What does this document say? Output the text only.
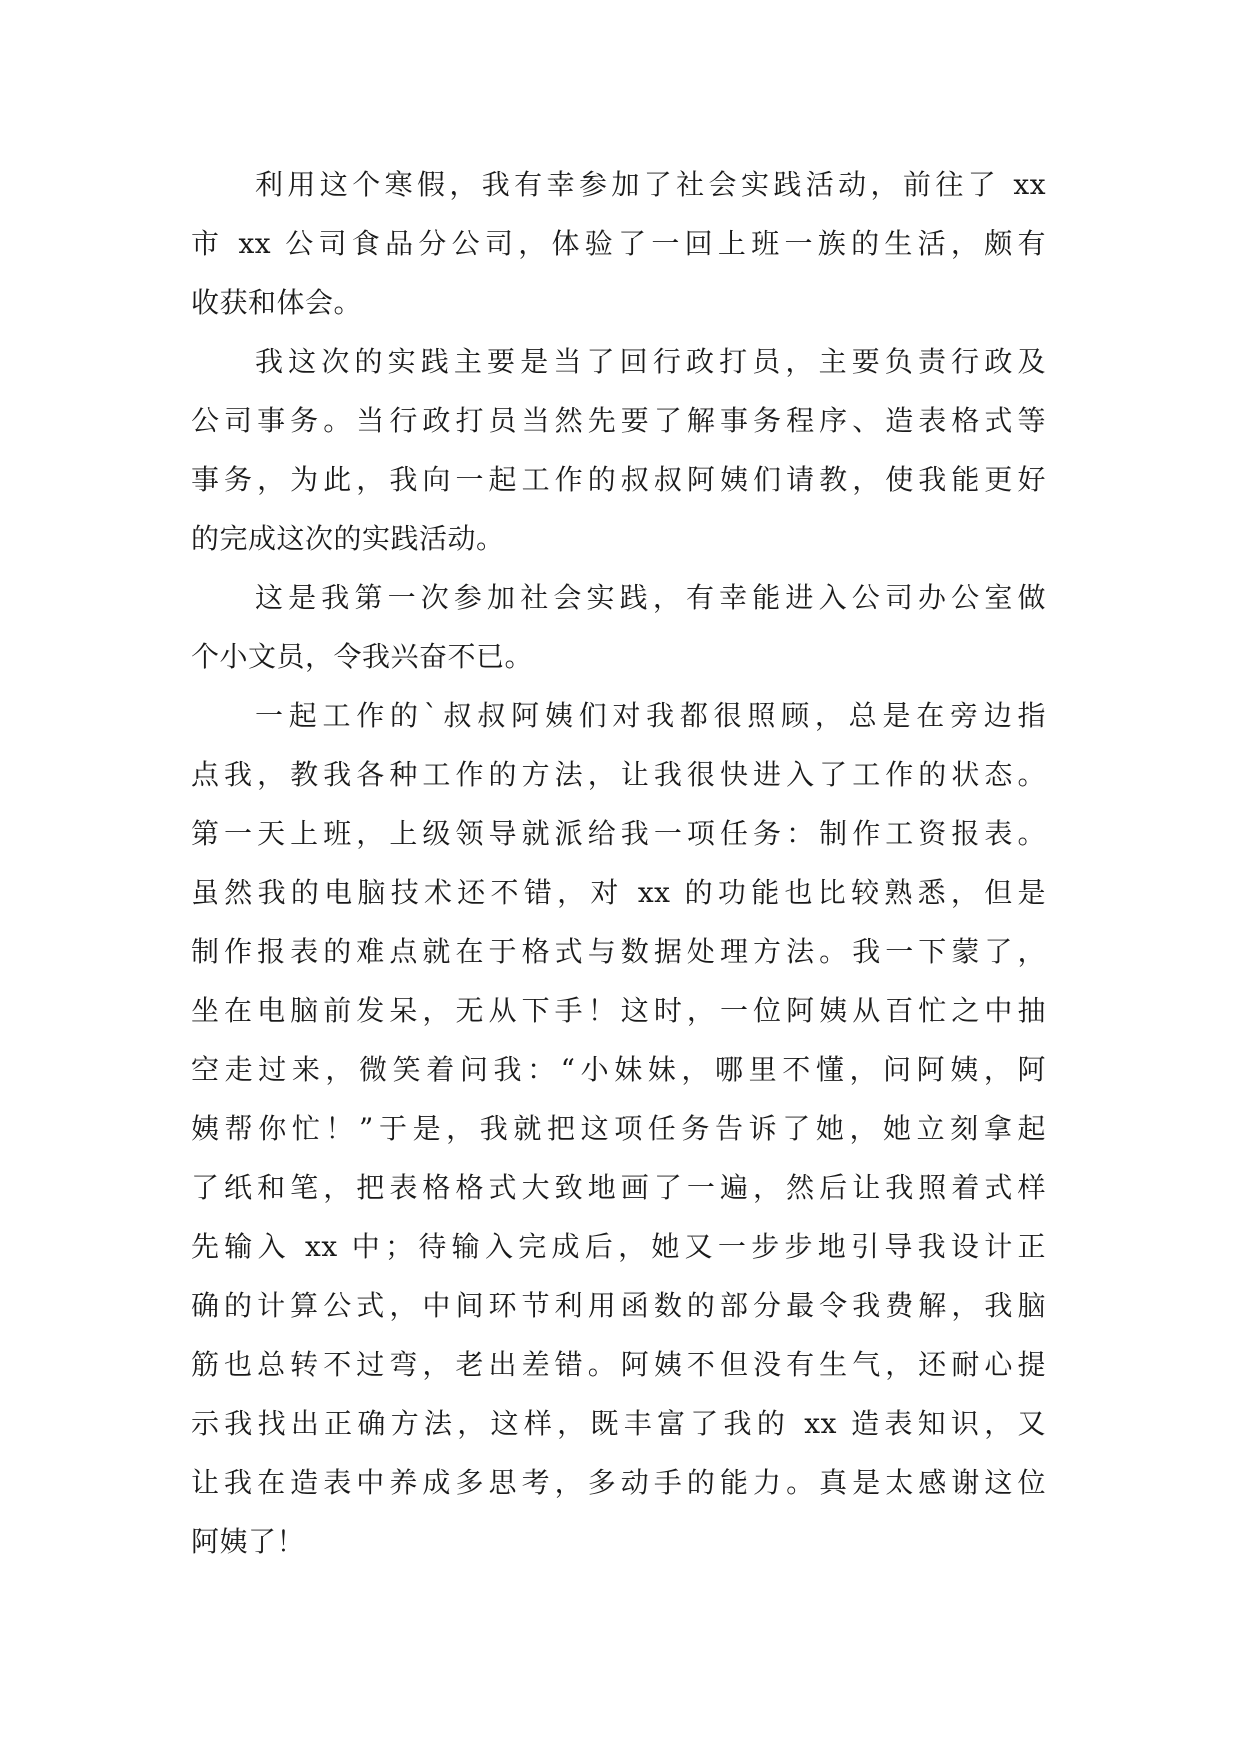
利用这个寒假，我有幸参加了社会实践活动，前往了 xx
市 xx 公司食品分公司，体验了一回上班一族的生活，颇有
收获和体会。
我这次的实践主要是当了回行政打员，主要负责行政及
公司事务。当行政打员当然先要了解事务程序、造表格式等
事务，为此，我向一起工作的叔叔阿姨们请教，使我能更好
的完成这次的实践活动。
这是我第一次参加社会实践，有幸能进入公司办公室做
个小文员，令我兴奋不已。
一起工作的`叔叔阿姨们对我都很照顾，总是在旁边指
点我，教我各种工作的方法，让我很快进入了工作的状态。
第一天上班，上级领导就派给我一项任务：制作工资报表。
虽然我的电脑技术还不错，对 xx 的功能也比较熟悉，但是
制作报表的难点就在于格式与数据处理方法。我一下蒙了，
坐在电脑前发呆，无从下手！这时，一位阿姨从百忙之中抽
空走过来，微笑着问我：“小妹妹，哪里不懂，问阿姨，阿
姨帮你忙！”于是，我就把这项任务告诉了她，她立刻拿起
了纸和笔，把表格格式大致地画了一遍，然后让我照着式样
先输入 xx 中；待输入完成后，她又一步步地引导我设计正
确的计算公式，中间环节利用函数的部分最令我费解，我脑
筋也总转不过弯，老出差错。阿姨不但没有生气，还耐心提
示我找出正确方法，这样，既丰富了我的 xx 造表知识，又
让我在造表中养成多思考，多动手的能力。真是太感谢这位
阿姨了！
